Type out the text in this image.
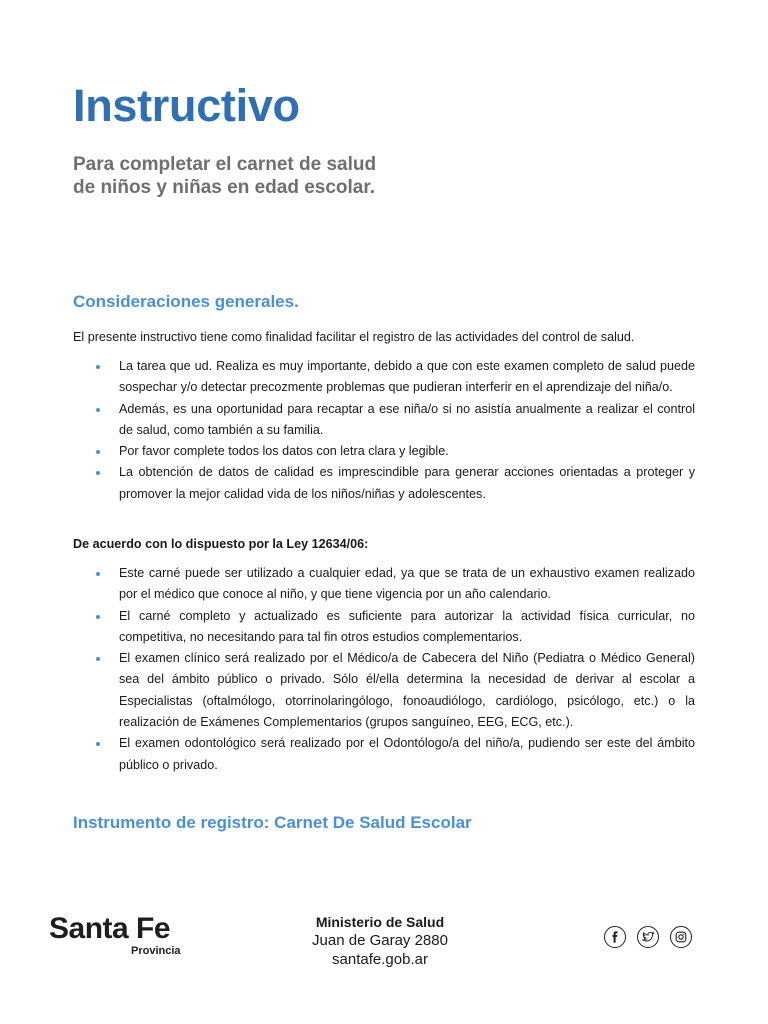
Instructivo
Para completar el carnet de salud
de niños y niñas en edad escolar.
Consideraciones generales.

El presente instructivo tiene como finalidad facilitar el registro de las actividades del control de salud.

La tarea que ud. Realiza es muy importante, debido a que con este examen completo de salud puede sospechar y/o detectar precozmente problemas que pudieran interferir en el aprendizaje del niña/o.
Además, es una oportunidad para recaptar a ese niña/o si no asistía anualmente a realizar el control de salud, como también a su familia.
Por favor complete todos los datos con letra clara y legible.
La obtención de datos de calidad es imprescindible para generar acciones orientadas a proteger y promover la mejor calidad vida de los niños/niñas y adolescentes.

De acuerdo con lo dispuesto por la Ley 12634/06:

Este carné puede ser utilizado a cualquier edad, ya que se trata de un exhaustivo examen realizado por el médico que conoce al niño, y que tiene vigencia por un año calendario.
El carné completo y actualizado es suficiente para autorizar la actividad física curricular, no competitiva, no necesitando para tal fin otros estudios complementarios.
El examen clínico será realizado por el Médico/a de Cabecera del Niño (Pediatra o Médico General) sea del ámbito público o privado. Sólo él/ella determina la necesidad de derivar al escolar a Especialistas (oftalmólogo, otorrinolaringólogo, fonoaudiólogo, cardiólogo, psicólogo, etc.) o la realización de Exámenes Complementarios (grupos sanguíneo, EEG, ECG, etc.).
El examen odontológico será realizado por el Odontólogo/a del niño/a, pudiendo ser este del ámbito público o privado.
Instrumento de registro: Carnet De Salud Escolar
Santa Fe
Provincia
Ministerio de Salud
Juan de Garay 2880
santafe.gob.ar
